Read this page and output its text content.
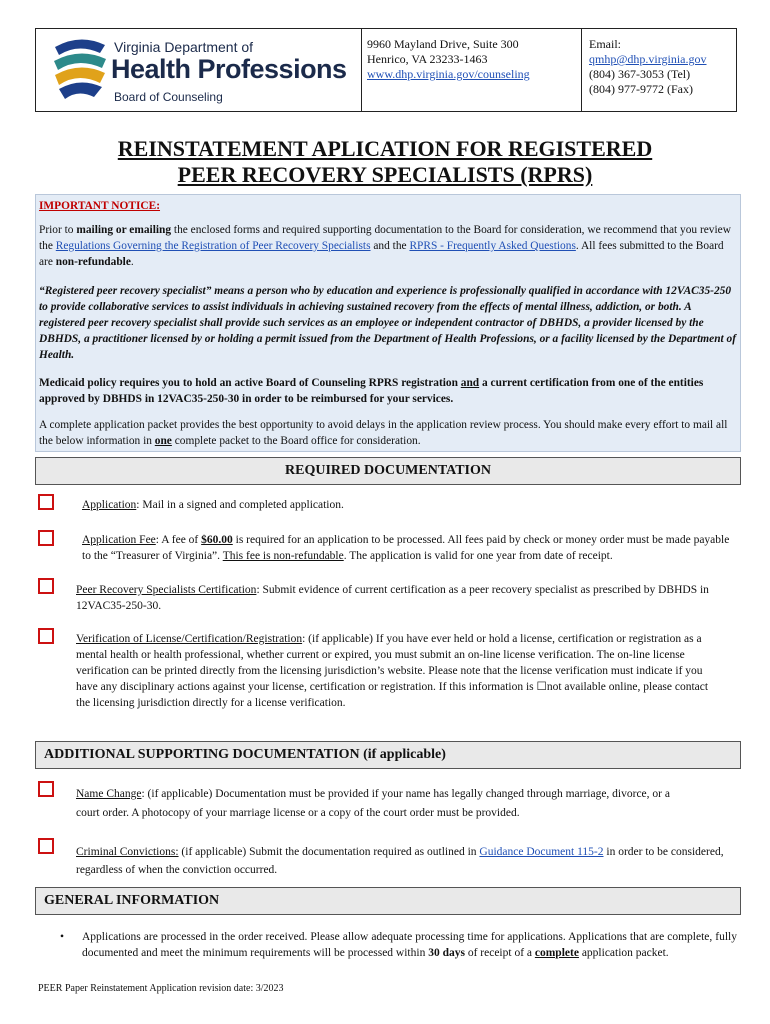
Virginia Department of
Health Professions
Board of Counseling
9960 Mayland Drive, Suite 300
Henrico, VA 23233-1463
www.dhp.virginia.gov/counseling
Email: qmhp@dhp.virginia.gov
(804) 367-3053 (Tel)
(804) 977-9772 (Fax)
REINSTATEMENT APLICATION FOR REGISTERED
PEER RECOVERY SPECIALISTS (RPRS)

IMPORTANT NOTICE:

Prior to mailing or emailing the enclosed forms and required supporting documentation to the Board for consideration, we recommend that you review the Regulations Governing the Registration of Peer Recovery Specialists and the RPRS - Frequently Asked Questions. All fees submitted to the Board are non-refundable.

“Registered peer recovery specialist” means a person who by education and experience is professionally qualified in accordance with 12VAC35-250 to provide collaborative services to assist individuals in achieving sustained recovery from the effects of mental illness, addiction, or both. A registered peer recovery specialist shall provide such services as an employee or independent contractor of DBHDS, a provider licensed by the DBHDS, a practitioner licensed by or holding a permit issued from the Department of Health Professions, or a facility licensed by the Department of Health.

Medicaid policy requires you to hold an active Board of Counseling RPRS registration and a current certification from one of the entities approved by DBHDS in 12VAC35-250-30 in order to be reimbursed for your services.

A complete application packet provides the best opportunity to avoid delays in the application review process. You should make every effort to mail all the below information in one complete packet to the Board office for consideration.

REQUIRED DOCUMENTATION
Application: Mail in a signed and completed application.
Application Fee: A fee of $60.00 is required for an application to be processed. All fees paid by check or money order must be made payable to the “Treasurer of Virginia”. This fee is non-refundable. The application is valid for one year from date of receipt.
Peer Recovery Specialists Certification: Submit evidence of current certification as a peer recovery specialist as prescribed by DBHDS in 12VAC35-250-30.
Verification of License/Certification/Registration: (if applicable) If you have ever held or hold a license, certification or registration as a mental health or health professional, whether current or expired, you must submit an on-line license verification. The on-line license verification can be printed directly from the licensing jurisdiction’s website. Please note that the license verification must indicate if you have any disciplinary actions against your license, certification or registration. If this information is ☐not available online, please contact the licensing jurisdiction directly for a license verification.
ADDITIONAL SUPPORTING DOCUMENTATION (if applicable)
Name Change: (if applicable) Documentation must be provided if your name has legally changed through marriage, divorce, or a court order. A photocopy of your marriage license or a copy of the court order must be provided.
Criminal Convictions: (if applicable) Submit the documentation required as outlined in Guidance Document 115-2 in order to be considered, regardless of when the conviction occurred.
GENERAL INFORMATION
• Applications are processed in the order received. Please allow adequate processing time for applications. Applications that are complete, fully documented and meet the minimum requirements will be processed within 30 days of receipt of a complete application packet.
PEER Paper Reinstatement Application revision date: 3/2023
